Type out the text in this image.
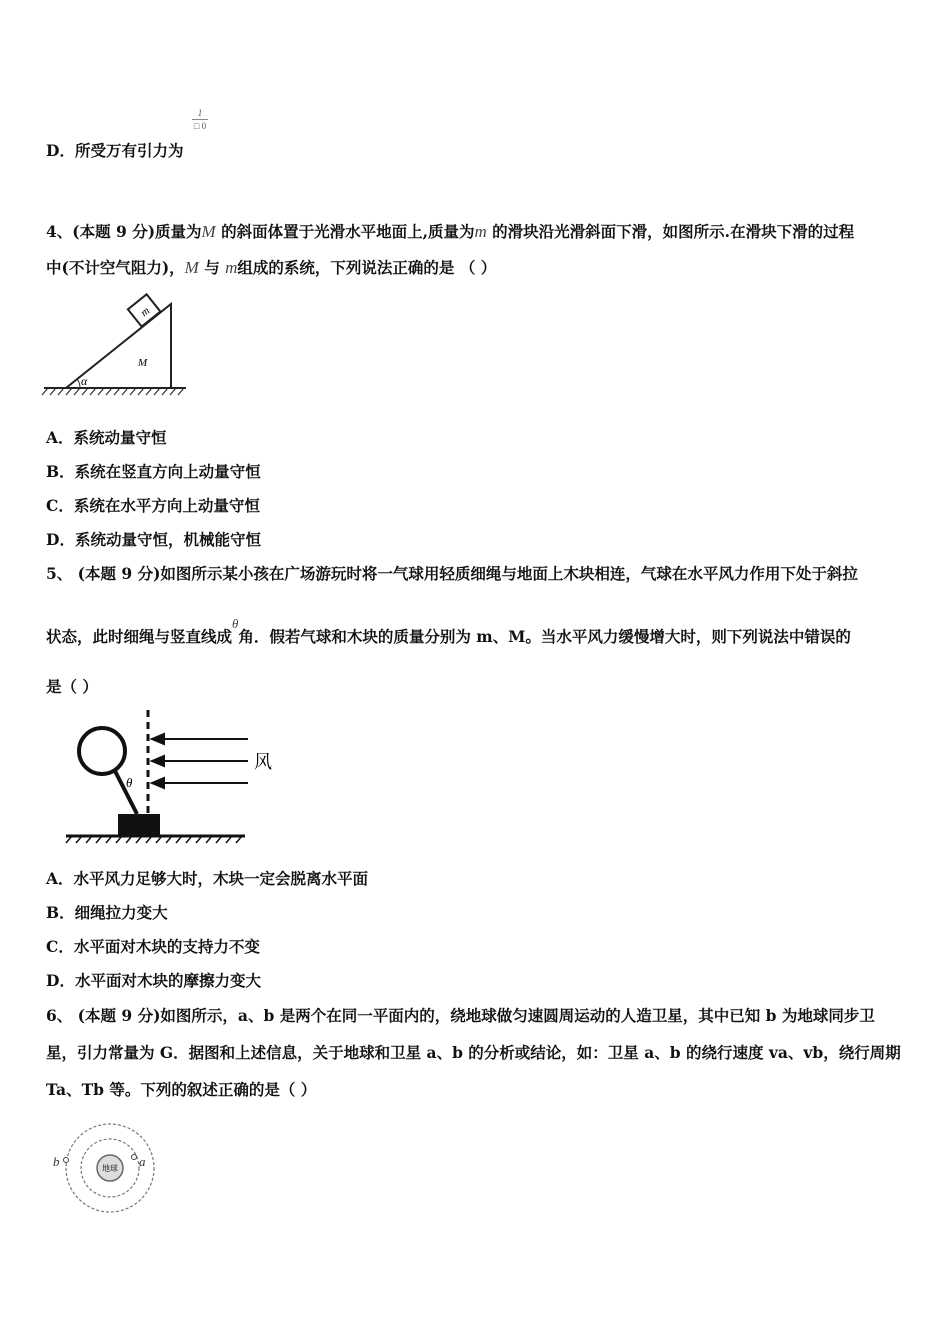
1
□ 0
D．所受万有引力为
4、(本题 9 分)质量为M 的斜面体置于光滑水平地面上,质量为m 的滑块沿光滑斜面下滑，如图所示.在滑块下滑的过程
中(不计空气阻力)，M 与 m组成的系统，下列说法正确的是 （ ）
m
M
α
A．系统动量守恒
B．系统在竖直方向上动量守恒
C．系统在水平方向上动量守恒
D．系统动量守恒，机械能守恒
5、 (本题 9 分)如图所示某小孩在广场游玩时将一气球用轻质细绳与地面上木块相连，气球在水平风力作用下处于斜拉
状态，此时细绳与竖直线成$^\theta$角．假若气球和木块的质量分别为 m、M。当水平风力缓慢增大时，则下列说法中错误的
是（ ）
θ
风
A．水平风力足够大时，木块一定会脱离水平面
B．细绳拉力变大
C．水平面对木块的支持力不变
D．水平面对木块的摩擦力变大
6、 (本题 9 分)如图所示，a、b 是两个在同一平面内的，绕地球做匀速圆周运动的人造卫星，其中已知 b 为地球同步卫
星，引力常量为 G．据图和上述信息，关于地球和卫星 a、b 的分析或结论，如：卫星 a、b 的绕行速度 va、vb，绕行周期
Ta、Tb 等。下列的叙述正确的是（ ）
地球 a
b
